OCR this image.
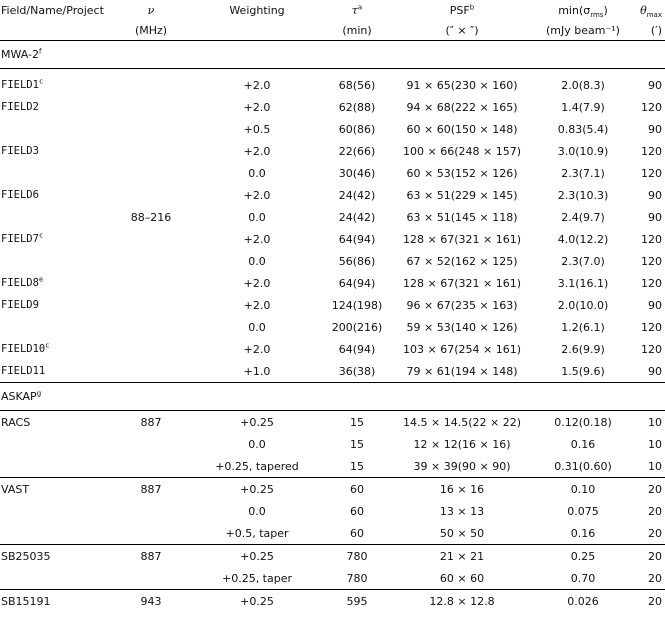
Field/Name/Project	ν	Weighting	$\tau^a$	PSF$^b$	$\min(\sigma_{rms})$	$\theta_{max}$
	(MHz)		(min)	(″ × ″)	(mJy beam⁻¹)	(′)
MWA-2$^f$

FIELD1$^c$		+2.0	68(56)	91 × 65(230 × 160)	2.0(8.3)	90
FIELD2		+2.0	62(88)	94 × 68(222 × 165)	1.4(7.9)	120
		+0.5	60(86)	60 × 60(150 × 148)	0.83(5.4)	90
FIELD3		+2.0	22(66)	100 × 66(248 × 157)	3.0(10.9)	120
		0.0	30(46)	60 × 53(152 × 126)	2.3(7.1)	120
FIELD6		+2.0	24(42)	63 × 51(229 × 145)	2.3(10.3)	90
	88–216	0.0	24(42)	63 × 51(145 × 118)	2.4(9.7)	90
FIELD7$^c$		+2.0	64(94)	128 × 67(321 × 161)	4.0(12.2)	120
		0.0	56(86)	67 × 52(162 × 125)	2.3(7.0)	120
FIELD8e		+2.0	64(94)	128 × 67(321 × 161)	3.1(16.1)	120
FIELD9		+2.0	124(198)	96 × 67(235 × 163)	2.0(10.0)	90
		0.0	200(216)	59 × 53(140 × 126)	1.2(6.1)	120
FIELD10$^c$		+2.0	64(94)	103 × 67(254 × 161)	2.6(9.9)	120
FIELD11		+1.0	36(38)	79 × 61(194 × 148)	1.5(9.6)	90
ASKAP$^g$
RACS	887	+0.25	15	14.5 × 14.5(22 × 22)	0.12(0.18)	10
		0.0	15	12 × 12(16 × 16)	0.16	10
		+0.25, tapered	15	39 × 39(90 × 90)	0.31(0.60)	10
VAST	887	+0.25	60	16 × 16	0.10	20
		0.0	60	13 × 13	0.075	20
		+0.5, taper	60	50 × 50	0.16	20
SB25035	887	+0.25	780	21 × 21	0.25	20
		+0.25, taper	780	60 × 60	0.70	20
SB15191	943	+0.25	595	12.8 × 12.8	0.026	20
